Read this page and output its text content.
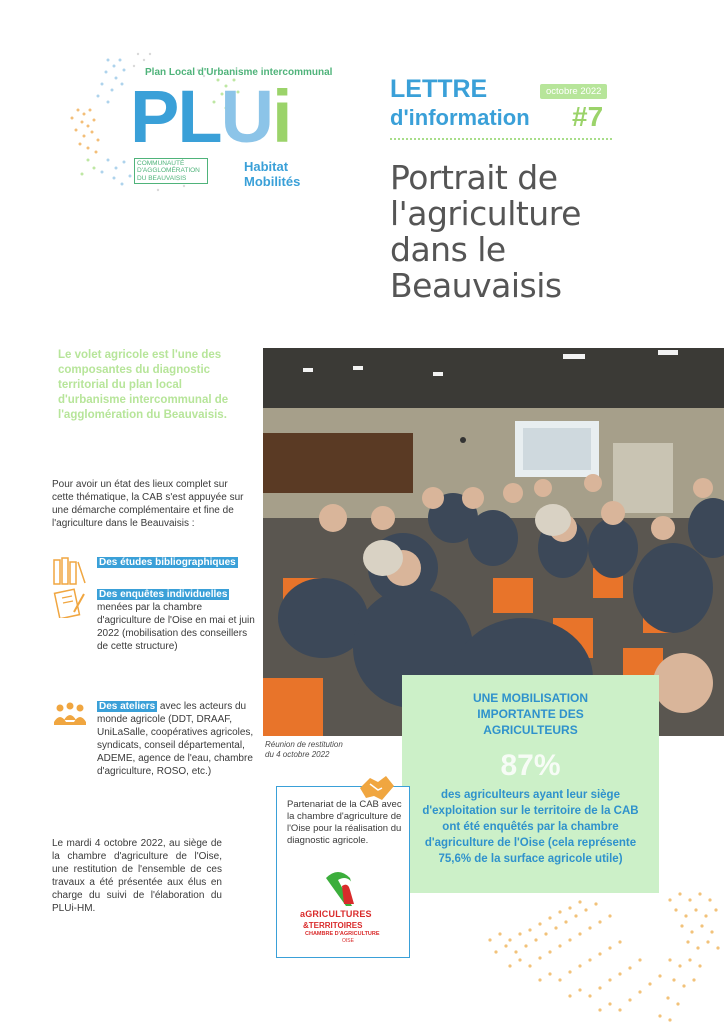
Plan Local d'Urbanisme intercommunal
PLUi
COMMUNAUTÉ D'AGGLOMÉRATION DU BEAUVAISIS
Habitat
Mobilités
LETTRE
d'information
octobre 2022
#7
Portrait de
l'agriculture
dans le
Beauvaisis
Le volet agricole est l'une des composantes du diagnostic territorial du plan local d'urbanisme intercommunal de l'agglomération du Beauvaisis.
Pour avoir un état des lieux complet sur cette thématique, la CAB s'est appuyée sur une démarche complémentaire et fine de l'agriculture dans le Beauvaisis :
Des études bibliographiques
Des enquêtes individuelles menées par la chambre d'agriculture de l'Oise en mai et juin 2022 (mobilisation des conseillers de cette structure)
Des ateliers avec les acteurs du monde agricole (DDT, DRAAF, UniLaSalle, coopératives agricoles, syndicats, conseil départemental, ADEME, agence de l'eau, chambre d'agriculture, ROSO, etc.)
Le mardi 4 octobre 2022, au siège de la chambre d'agriculture de l'Oise, une restitution de l'ensemble de ces travaux a été présentée aux élus en charge du suivi de l'élaboration du PLUi-HM.
Réunion de restitution
du 4 octobre 2022
UNE MOBILISATION IMPORTANTE DES AGRICULTEURS
87%
des agriculteurs ayant leur siège d'exploitation sur le territoire de la CAB ont été enquêtés par la chambre d'agriculture de l'Oise (cela représente 75,6% de la surface agricole utile)
Partenariat de la CAB avec la chambre d'agriculture de l'Oise pour la réalisation du diagnostic agricole.
aGRICULTURES
&TERRITOIRES
CHAMBRE D'AGRICULTURE
OISE
